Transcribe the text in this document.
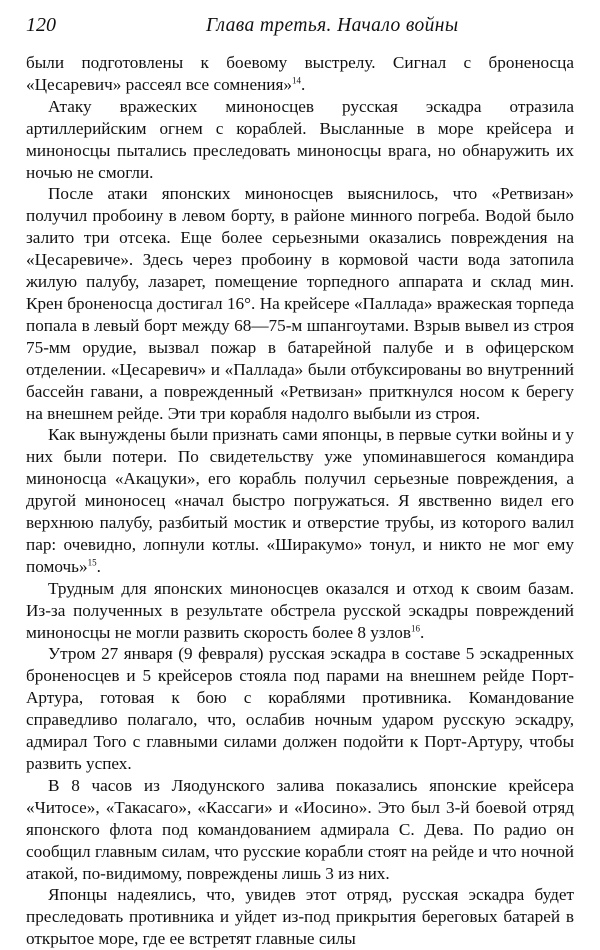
120	Глава третья. Начало войны

были подготовлены к боевому выстрелу. Сигнал с броненосца «Цесаревич» рассеял все сомнения»$^{14}$.

Атаку вражеских миноносцев русская эскадра отразила артиллерийским огнем с кораблей. Высланные в море крейсера и миноносцы пытались преследовать миноносцы врага, но обнаружить их ночью не смогли.

После атаки японских миноносцев выяснилось, что «Ретвизан» получил пробоину в левом борту, в районе минного погреба. Водой было залито три отсека. Еще более серьезными оказались повреждения на «Цесаревиче». Здесь через пробоину в кормовой части вода затопила жилую палубу, лазарет, помещение торпедного аппарата и склад мин. Крен броненосца достигал 16°. На крейсере «Паллада» вражеская торпеда попала в левый борт между 68—75-м шпангоутами. Взрыв вывел из строя 75-мм орудие, вызвал пожар в батарейной палубе и в офицерском отделении. «Цесаревич» и «Паллада» были отбуксированы во внутренний бассейн гавани, а поврежденный «Ретвизан» приткнулся носом к берегу на внешнем рейде. Эти три корабля надолго выбыли из строя.

Как вынуждены были признать сами японцы, в первые сутки войны и у них были потери. По свидетельству уже упоминавшегося командира миноносца «Акацуки», его корабль получил серьезные повреждения, а другой миноносец «начал быстро погружаться. Я явственно видел его верхнюю палубу, разбитый мостик и отверстие трубы, из которого валил пар: очевидно, лопнули котлы. «Ширакумо» тонул, и никто не мог ему помочь»$^{15}$.

Трудным для японских миноносцев оказался и отход к своим базам. Из-за полученных в результате обстрела русской эскадры повреждений миноносцы не могли развить скорость более 8 узлов$^{16}$.

Утром 27 января (9 февраля) русская эскадра в составе 5 эскадренных броненосцев и 5 крейсеров стояла под парами на внешнем рейде Порт-Артура, готовая к бою с кораблями противника. Командование справедливо полагало, что, ослабив ночным ударом русскую эскадру, адмирал Того с главными силами должен подойти к Порт-Артуру, чтобы развить успех.

В 8 часов из Ляодунского залива показались японские крейсера «Читосе», «Такасаго», «Кассаги» и «Иосино». Это был 3-й боевой отряд японского флота под командованием адмирала С. Дева. По радио он сообщил главным силам, что русские корабли стоят на рейде и что ночной атакой, по-видимому, повреждены лишь 3 из них.

Японцы надеялись, что, увидев этот отряд, русская эскадра будет преследовать противника и уйдет из-под прикрытия береговых батарей в открытое море, где ее встретят главные силы
